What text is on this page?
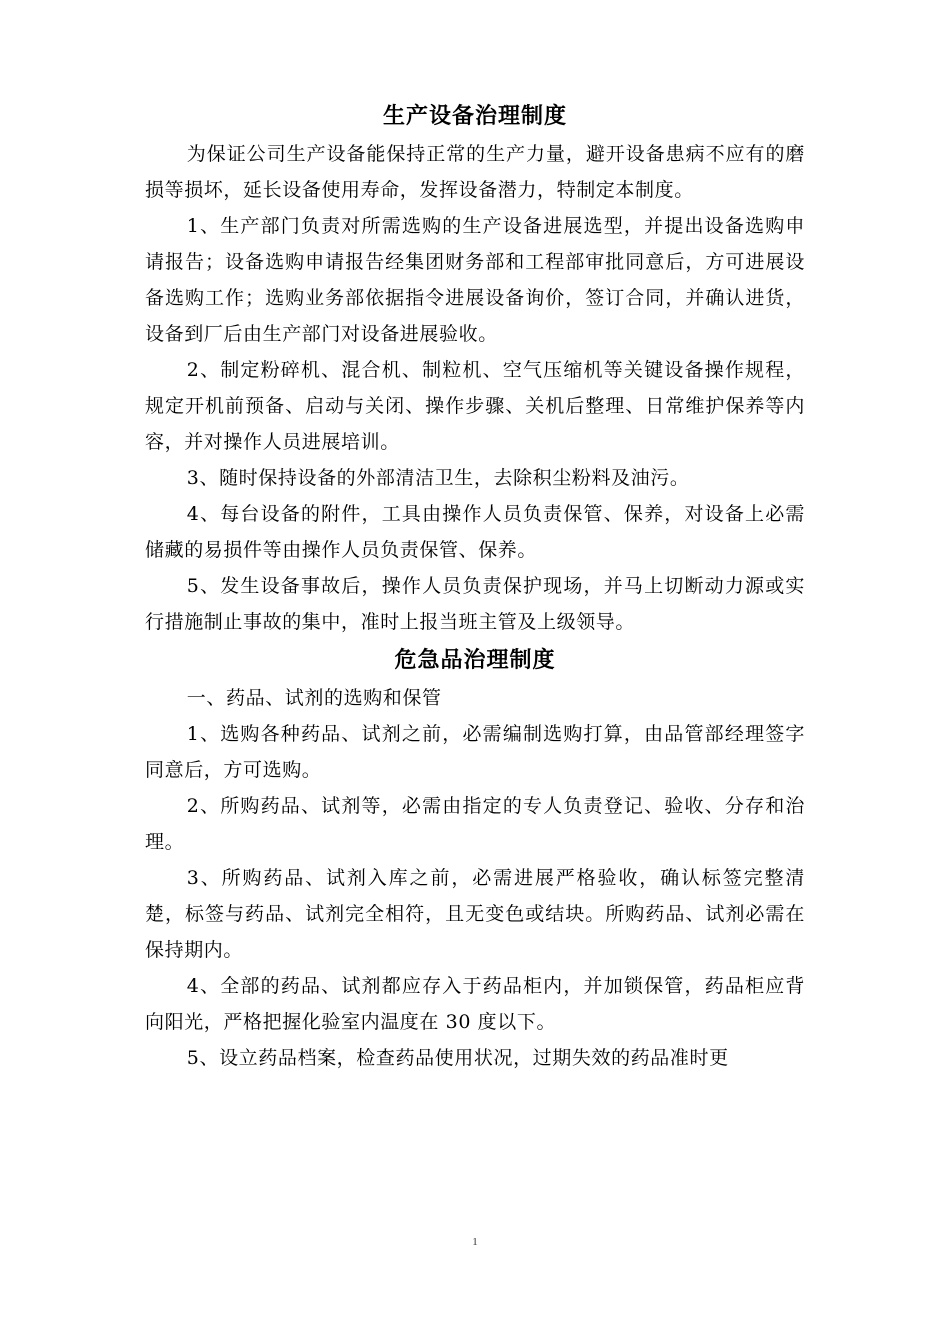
生产设备治理制度

为保证公司生产设备能保持正常的生产力量，避开设备患病不应有的磨损等损坏，延长设备使用寿命，发挥设备潜力，特制定本制度。

1、生产部门负责对所需选购的生产设备进展选型，并提出设备选购申请报告；设备选购申请报告经集团财务部和工程部审批同意后，方可进展设备选购工作；选购业务部依据指令进展设备询价，签订合同，并确认进货，设备到厂后由生产部门对设备进展验收。

2、制定粉碎机、混合机、制粒机、空气压缩机等关键设备操作规程，规定开机前预备、启动与关闭、操作步骤、关机后整理、日常维护保养等内容，并对操作人员进展培训。

3、随时保持设备的外部清洁卫生，去除积尘粉料及油污。

4、每台设备的附件，工具由操作人员负责保管、保养，对设备上必需储藏的易损件等由操作人员负责保管、保养。

5、发生设备事故后，操作人员负责保护现场，并马上切断动力源或实行措施制止事故的集中，准时上报当班主管及上级领导。

危急品治理制度

一、药品、试剂的选购和保管

1、选购各种药品、试剂之前，必需编制选购打算，由品管部经理签字同意后，方可选购。

2、所购药品、试剂等，必需由指定的专人负责登记、验收、分存和治理。

3、所购药品、试剂入库之前，必需进展严格验收，确认标签完整清楚，标签与药品、试剂完全相符，且无变色或结块。所购药品、试剂必需在保持期内。

4、全部的药品、试剂都应存入于药品柜内，并加锁保管，药品柜应背向阳光，严格把握化验室内温度在 30 度以下。

5、设立药品档案，检查药品使用状况，过期失效的药品准时更

1
